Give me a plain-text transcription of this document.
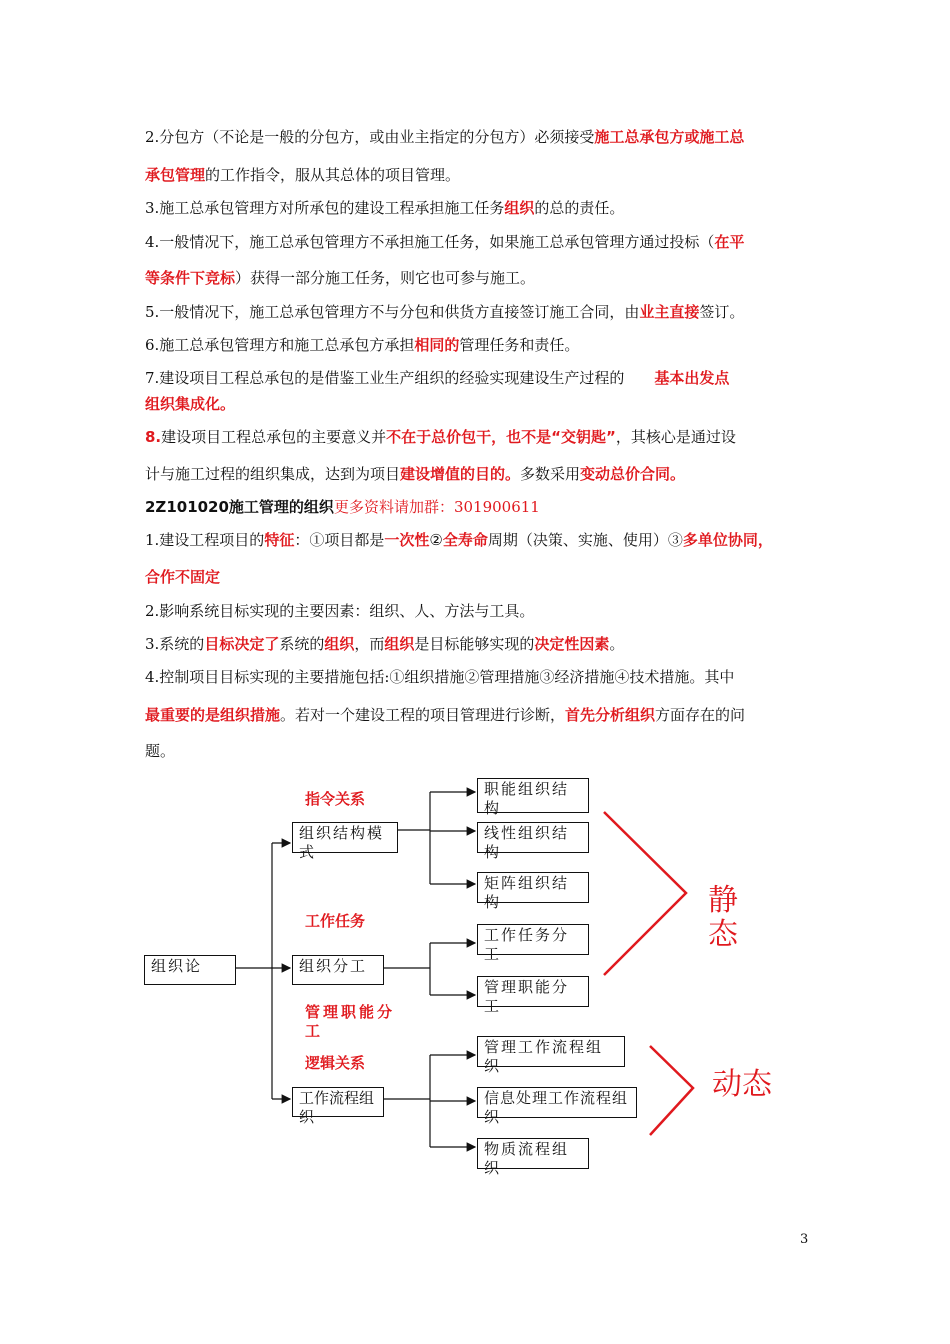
2.分包方（不论是一般的分包方，或由业主指定的分包方）必须接受施工总承包方或施工总
承包管理的工作指令，服从其总体的项目管理。
3.施工总承包管理方对所承包的建设工程承担施工任务组织的总的责任。
4.一般情况下，施工总承包管理方不承担施工任务，如果施工总承包管理方通过投标（在平
等条件下竞标）获得一部分施工任务，则它也可参与施工。
5.一般情况下，施工总承包管理方不与分包和供货方直接签订施工合同，由业主直接签订。
6.施工总承包管理方和施工总承包方承担相同的管理任务和责任。
7.建设项目工程总承包的是借鉴工业生产组织的经验实现建设生产过程的 基本出发点
组织集成化。
8.建设项目工程总承包的主要意义并不在于总价包干，也不是“交钥匙”，其核心是通过设
计与施工过程的组织集成，达到为项目建设增值的目的。多数采用变动总价合同。
2Z101020施工管理的组织更多资料请加群：301900611
1.建设工程项目的特征：①项目都是一次性②全寿命周期（决策、实施、使用）③多单位协同，
合作不固定
2.影响系统目标实现的主要因素：组织、人、方法与工具。
3.系统的目标决定了系统的组织，而组织是目标能够实现的决定性因素。
4.控制项目目标实现的主要措施包括:①组织措施②管理措施③经济措施④技术措施。其中
最重要的是组织措施。若对一个建设工程的项目管理进行诊断，首先分析组织方面存在的问
题。
组织论
组织结构模式
组织分工
工作流程组织
职能组织结构
线性组织结构
矩阵组织结构
工作任务分工
管理职能分工
管理工作流程组织
信息处理工作流程组织
物质流程组织
指令关系
工作任务
管理职能分工
逻辑关系
静态
动态
3
